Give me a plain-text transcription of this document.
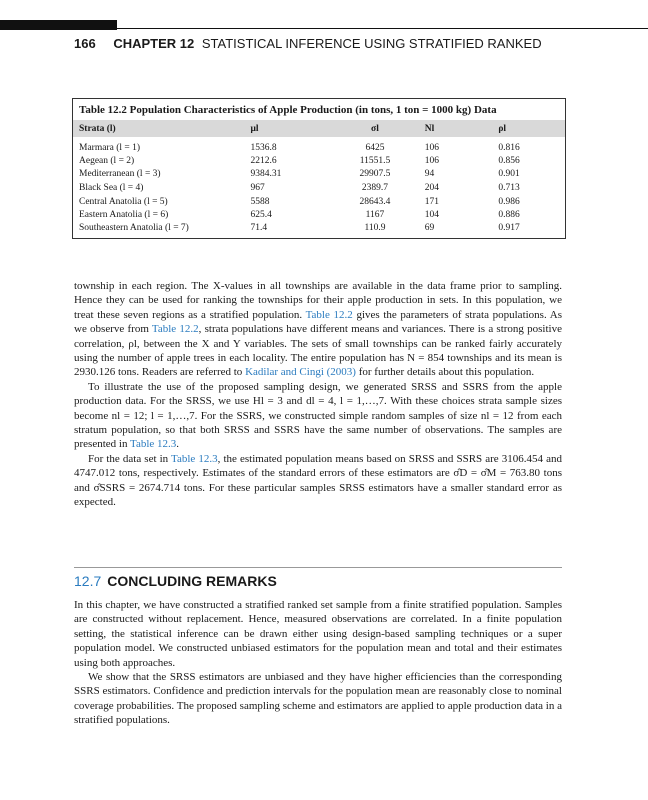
166 CHAPTER 12 STATISTICAL INFERENCE USING STRATIFIED RANKED
Table 12.2 Population Characteristics of Apple Production (in tons, 1 ton = 1000 kg) Data
Strata (l)	μl	σl	Nl	ρl
Marmara (l = 1)	1536.8	6425	106	0.816
Aegean (l = 2)	2212.6	11551.5	106	0.856
Mediterranean (l = 3)	9384.31	29907.5	94	0.901
Black Sea (l = 4)	967	2389.7	204	0.713
Central Anatolia (l = 5)	5588	28643.4	171	0.986
Eastern Anatolia (l = 6)	625.4	1167	104	0.886
Southeastern Anatolia (l = 7)	71.4	110.9	69	0.917

township in each region. The X-values in all townships are available in the data frame prior to sampling. Hence they can be used for ranking the townships for their apple production in sets. In this population, we treat these seven regions as a stratified population. Table 12.2 gives the parameters of strata populations. As we observe from Table 12.2, strata populations have different means and variances. There is a strong positive correlation, ρl, between the X and Y variables. The sets of small townships can be ranked fairly accurately using the number of apple trees in each locality. The entire population has N = 854 townships and its mean is 2930.126 tons. Readers are referred to Kadilar and Cingi (2003) for further details about this population.

To illustrate the use of the proposed sampling design, we generated SRSS and SSRS from the apple production data. For the SRSS, we use Hl = 3 and dl = 4, l = 1,…,7. With these choices strata sample sizes become nl = 12; l = 1,…,7. For the SSRS, we constructed simple random samples of size nl = 12 from each stratum population, so that both SRSS and SSRS have the same number of observations. The samples are presented in Table 12.3.

For the data set in Table 12.3, the estimated population means based on SRSS and SSRS are 3106.454 and 4747.012 tons, respectively. Estimates of the standard errors of these estimators are σ̂D = σ̂M = 763.80 tons and σ̂SSRS = 2674.714 tons. For these particular samples SRSS estimators have a smaller standard error as expected.

12.7 CONCLUDING REMARKS

In this chapter, we have constructed a stratified ranked set sample from a finite stratified population. Samples are constructed without replacement. Hence, measured observations are correlated. In a finite population setting, the statistical inference can be drawn either using design-based sampling techniques or a super population model. We constructed unbiased estimators for the population mean and total and their estimates using both approaches.

We show that the SRSS estimators are unbiased and they have higher efficiencies than the corresponding SSRS estimators. Confidence and prediction intervals for the population mean are reasonably close to nominal coverage probabilities. The proposed sampling scheme and estimators are applied to apple production data in a stratified populations.
